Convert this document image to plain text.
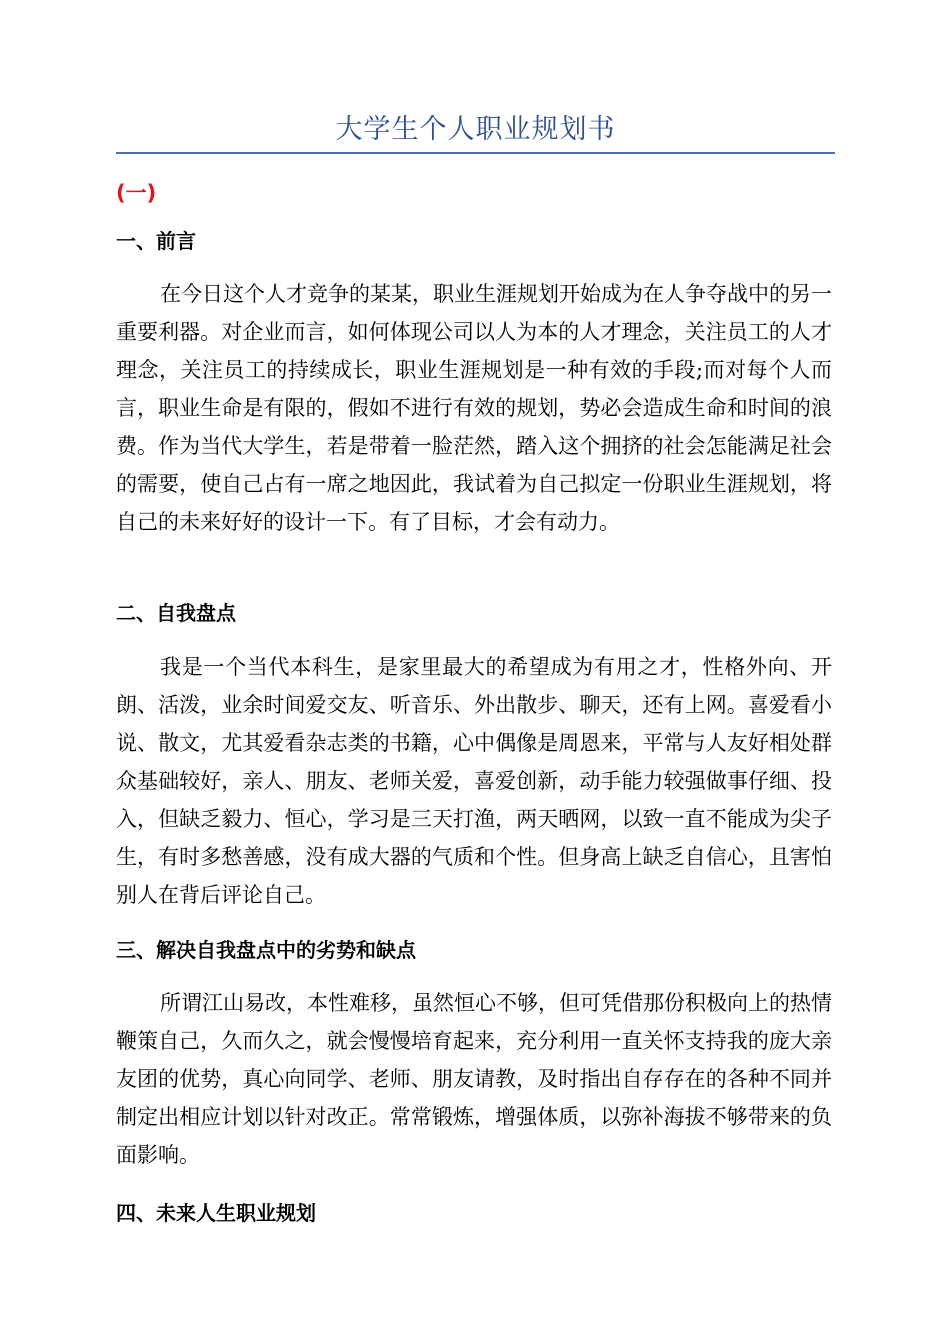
大学生个人职业规划书
(一)
一、前言

在今日这个人才竞争的某某，职业生涯规划开始成为在人争夺战中的另一重要利器。对企业而言，如何体现公司以人为本的人才理念，关注员工的人才理念，关注员工的持续成长，职业生涯规划是一种有效的手段;而对每个人而言，职业生命是有限的，假如不进行有效的规划，势必会造成生命和时间的浪费。作为当代大学生，若是带着一脸茫然，踏入这个拥挤的社会怎能满足社会的需要，使自己占有一席之地因此，我试着为自己拟定一份职业生涯规划，将自己的未来好好的设计一下。有了目标，才会有动力。

二、自我盘点

我是一个当代本科生，是家里最大的希望成为有用之才，性格外向、开朗、活泼，业余时间爱交友、听音乐、外出散步、聊天，还有上网。喜爱看小说、散文，尤其爱看杂志类的书籍，心中偶像是周恩来，平常与人友好相处群众基础较好，亲人、朋友、老师关爱，喜爱创新，动手能力较强做事仔细、投入，但缺乏毅力、恒心，学习是三天打渔，两天晒网，以致一直不能成为尖子生，有时多愁善感，没有成大器的气质和个性。但身高上缺乏自信心，且害怕别人在背后评论自己。

三、解决自我盘点中的劣势和缺点

所谓江山易改，本性难移，虽然恒心不够，但可凭借那份积极向上的热情鞭策自己，久而久之，就会慢慢培育起来，充分利用一直关怀支持我的庞大亲友团的优势，真心向同学、老师、朋友请教，及时指出自存存在的各种不同并制定出相应计划以针对改正。常常锻炼，增强体质，以弥补海拔不够带来的负面影响。

四、未来人生职业规划
